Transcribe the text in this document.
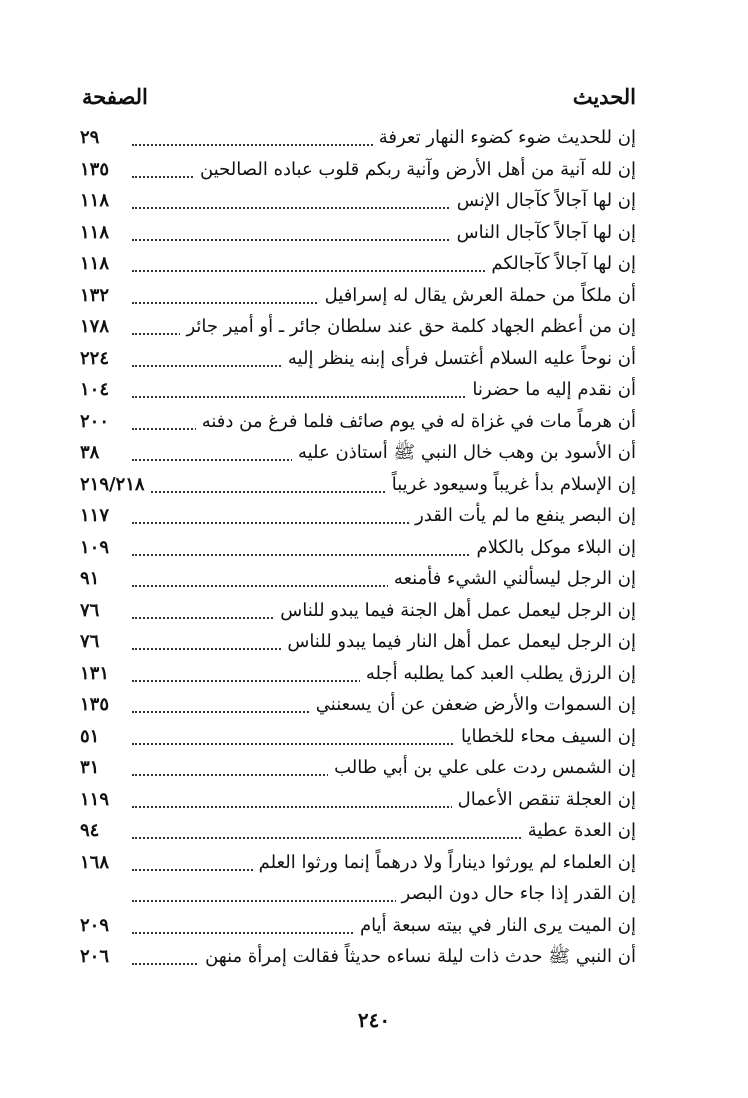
الحديث
الصفحة
إن للحديث ضوء كضوء النهار تعرفة
٢٩
إن لله آنية من أهل الأرض وآنية ربكم قلوب عباده الصالحين
١٣٥
إن لها آجالاً كآجال الإنس
١١٨
إن لها آجالاً كآجال الناس
١١٨
إن لها آجالاً كآجالكم
١١٨
أن ملكاً من حملة العرش يقال له إسرافيل
١٣٢
إن من أعظم الجهاد كلمة حق عند سلطان جائر ـ أو أمير جائر
١٧٨
أن نوحاً عليه السلام أغتسل فرأى إبنه ينظر إليه
٢٢٤
أن نقدم إليه ما حضرنا
١٠٤
أن هرماً مات في غزاة له في يوم صائف فلما فرغ من دفنه
٢٠٠
أن الأسود بن وهب خال النبي ﷺ أستاذن عليه
٣٨
إن الإسلام بدأ غريباً وسيعود غريباً
٢١٩/٢١٨
إن البصر ينفع ما لم يأت القدر
١١٧
إن البلاء موكل بالكلام
١٠٩
إن الرجل ليسألني الشيء فأمنعه
٩١
إن الرجل ليعمل عمل أهل الجنة فيما يبدو للناس
٧٦
إن الرجل ليعمل عمل أهل النار فيما يبدو للناس
٧٦
إن الرزق يطلب العبد كما يطلبه أجله
١٣١
إن السموات والأرض ضعفن عن أن يسعنني
١٣٥
إن السيف محاء للخطايا
٥١
إن الشمس ردت على علي بن أبي طالب
٣١
إن العجلة تنقص الأعمال
١١٩
إن العدة عطية
٩٤
إن العلماء لم يورثوا ديناراً ولا درهماً إنما ورثوا العلم
١٦٨
إن القدر إذا جاء حال دون البصر
إن الميت يرى النار في بيته سبعة أيام
٢٠٩
أن النبي ﷺ حدث ذات ليلة نساءه حديثاً فقالت إمرأة منهن
٢٠٦
٢٤٠
